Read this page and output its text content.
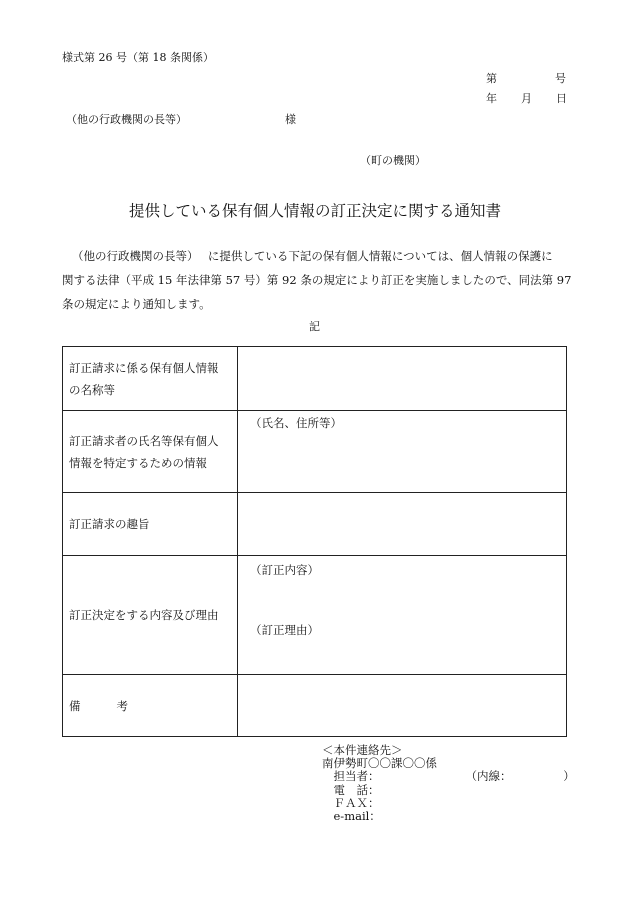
様式第 26 号（第 18 条関係）
第	号
年 月 日
（他の行政機関の長等）	様
（町の機関）
提供している保有個人情報の訂正決定に関する通知書
（他の行政機関の長等）　 に提供している下記の保有個人情報については、個人情報の保護に
関する法律（平成 15 年法律第 57 号）第 92 条の規定により訂正を実施しましたので、同法第 97
条の規定により通知します。
記
訂正請求に係る保有個人情報
の名称等	

訂正請求者の氏名等保有個人
情報を特定するための情報	（氏名、住所等）

訂正請求の趣旨	

訂正決定をする内容及び理由	（訂正内容）
（訂正理由）

備 考	
＜本件連絡先＞
南伊勢町〇〇課〇〇係
　担当者：	（内線：　　　　　）
　電　話：
　ＦＡＸ：
　e-mail：
